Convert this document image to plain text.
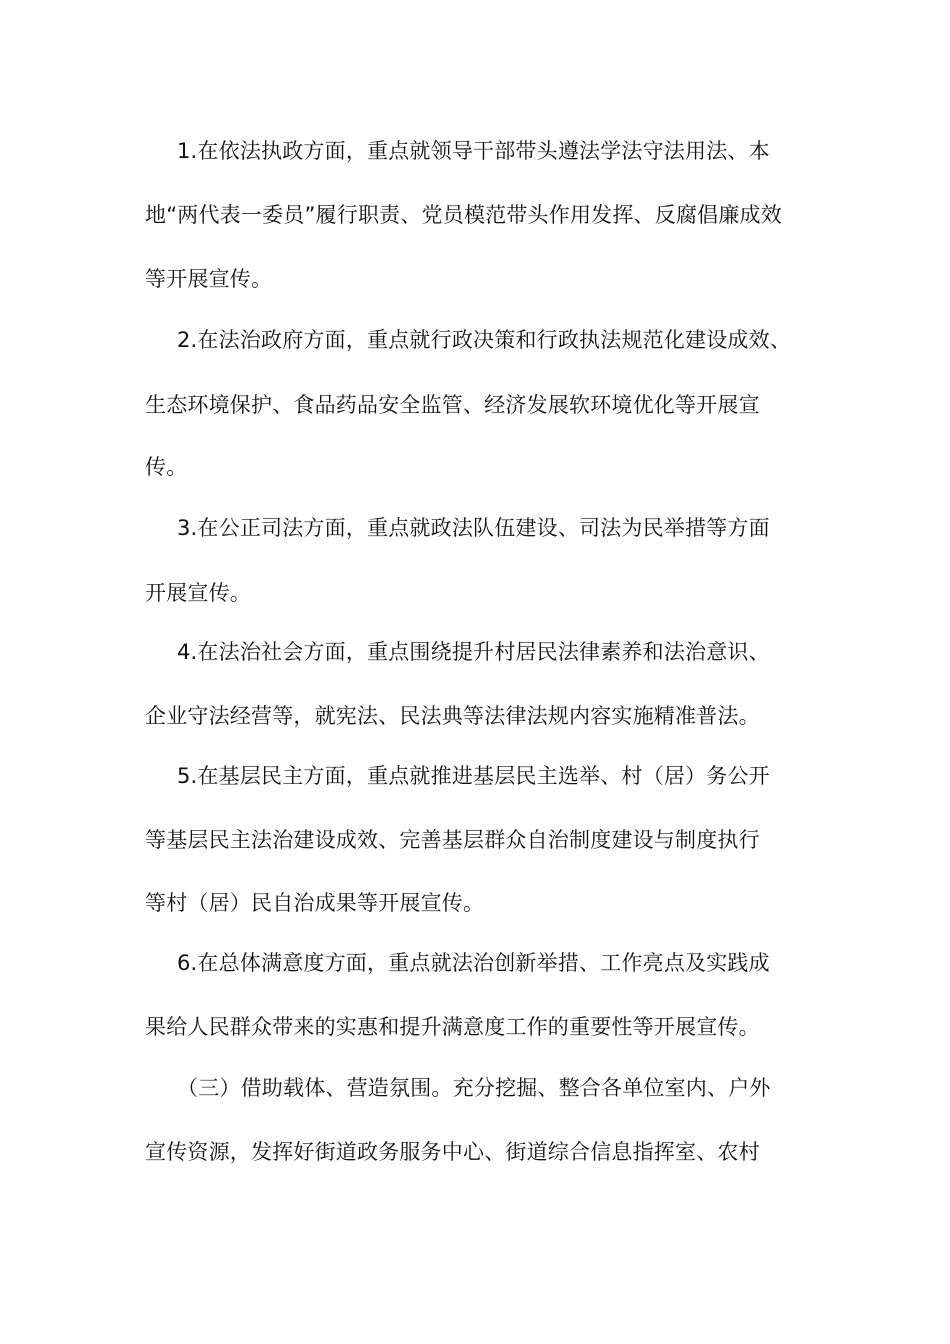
1.在依法执政方面，重点就领导干部带头遵法学法守法用法、本
地“两代表一委员”履行职责、党员模范带头作用发挥、反腐倡廉成效
等开展宣传。
2.在法治政府方面，重点就行政决策和行政执法规范化建设成效、
生态环境保护、食品药品安全监管、经济发展软环境优化等开展宣
传。
3.在公正司法方面，重点就政法队伍建设、司法为民举措等方面
开展宣传。
4.在法治社会方面，重点围绕提升村居民法律素养和法治意识、
企业守法经营等，就宪法、民法典等法律法规内容实施精准普法。
5.在基层民主方面，重点就推进基层民主选举、村（居）务公开
等基层民主法治建设成效、完善基层群众自治制度建设与制度执行
等村（居）民自治成果等开展宣传。
6.在总体满意度方面，重点就法治创新举措、工作亮点及实践成
果给人民群众带来的实惠和提升满意度工作的重要性等开展宣传。
（三）借助载体、营造氛围。充分挖掘、整合各单位室内、户外
宣传资源，发挥好街道政务服务中心、街道综合信息指挥室、农村
